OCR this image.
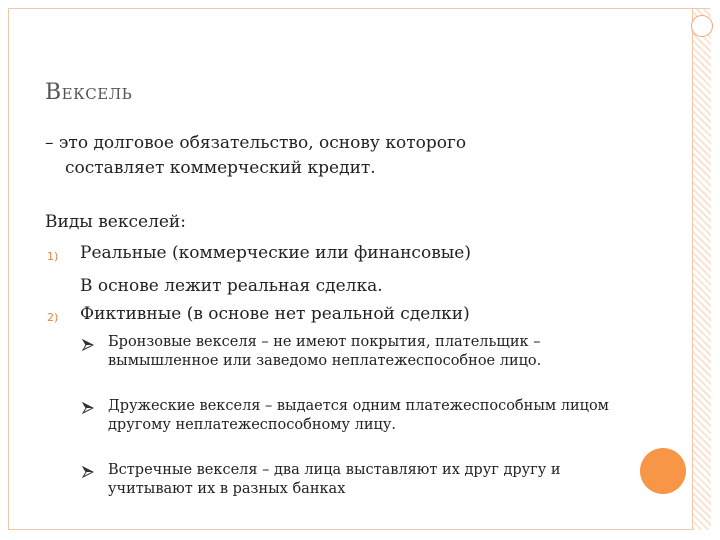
Вексель
– это долговое обязательство, основу которого
составляет коммерческий кредит.
Виды векселей:
1) Реальные (коммерческие или финансовые)
В основе лежит реальная сделка.
2) Фиктивные (в основе нет реальной сделки)
Бронзовые векселя – не имеют покрытия, плательщик – вымышленное или заведомо неплатежеспособное лицо.
Дружеские векселя – выдается одним платежеспособным лицом другому неплатежеспособному лицу.
Встречные векселя – два лица выставляют их друг другу и учитывают их в разных банках
